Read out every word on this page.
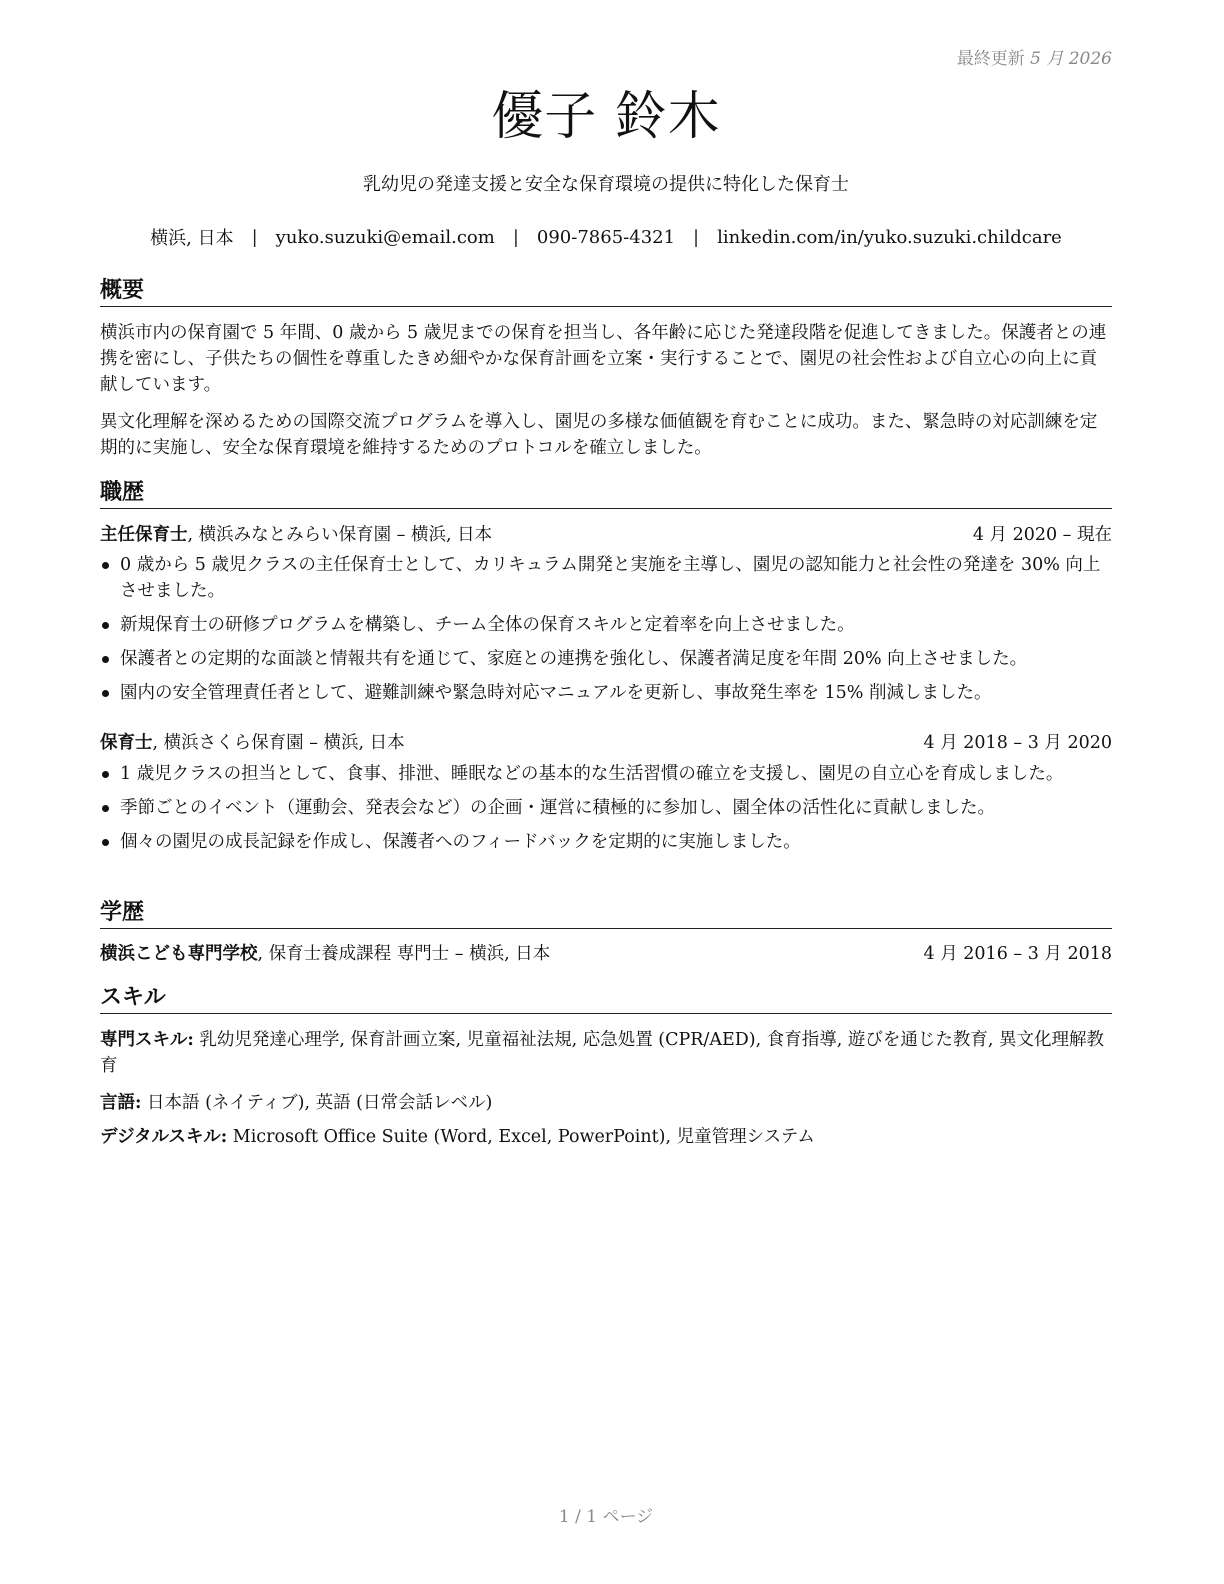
最終更新 5 月 2026
優子 鈴木

乳幼児の発達支援と安全な保育環境の提供に特化した保育士

横浜, 日本 | yuko.suzuki@email.com | 090-7865-4321 | linkedin.com/in/yuko.suzuki.childcare
概要

横浜市内の保育園で 5 年間、0 歳から 5 歳児までの保育を担当し、各年齢に応じた発達段階を促進してきました。保護者との連携を密にし、子供たちの個性を尊重したきめ細やかな保育計画を立案・実行することで、園児の社会性および自立心の向上に貢献しています。

異文化理解を深めるための国際交流プログラムを導入し、園児の多様な価値観を育むことに成功。また、緊急時の対応訓練を定期的に実施し、安全な保育環境を維持するためのプロトコルを確立しました。

職歴
主任保育士, 横浜みなとみらい保育園 – 横浜, 日本	4 月 2020 – 現在
0 歳から 5 歳児クラスの主任保育士として、カリキュラム開発と実施を主導し、園児の認知能力と社会性の発達を 30% 向上させました。
新規保育士の研修プログラムを構築し、チーム全体の保育スキルと定着率を向上させました。
保護者との定期的な面談と情報共有を通じて、家庭との連携を強化し、保護者満足度を年間 20% 向上させました。
園内の安全管理責任者として、避難訓練や緊急時対応マニュアルを更新し、事故発生率を 15% 削減しました。
保育士, 横浜さくら保育園 – 横浜, 日本	4 月 2018 – 3 月 2020
1 歳児クラスの担当として、食事、排泄、睡眠などの基本的な生活習慣の確立を支援し、園児の自立心を育成しました。
季節ごとのイベント（運動会、発表会など）の企画・運営に積極的に参加し、園全体の活性化に貢献しました。
個々の園児の成長記録を作成し、保護者へのフィードバックを定期的に実施しました。
学歴
横浜こども専門学校, 保育士養成課程 専門士 – 横浜, 日本	4 月 2016 – 3 月 2018
スキル

専門スキル: 乳幼児発達心理学, 保育計画立案, 児童福祉法規, 応急処置 (CPR/AED), 食育指導, 遊びを通じた教育, 異文化理解教育

言語: 日本語 (ネイティブ), 英語 (日常会話レベル)

デジタルスキル: Microsoft Office Suite (Word, Excel, PowerPoint), 児童管理システム

1 / 1 ページ
